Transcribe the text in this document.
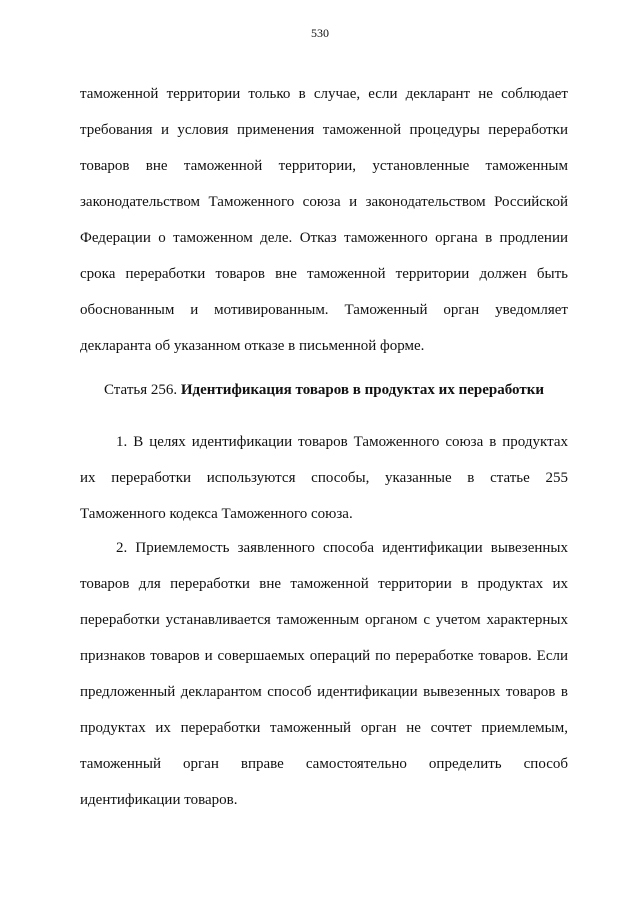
530
таможенной территории только в случае, если декларант не соблюдает
требования и условия применения таможенной процедуры переработки
товаров вне таможенной территории, установленные таможенным
законодательством Таможенного союза и законодательством Российской
Федерации о таможенном деле. Отказ таможенного органа в продлении
срока переработки товаров вне таможенной территории должен быть
обоснованным и мотивированным. Таможенный орган уведомляет
декларанта об указанном отказе в письменной форме.
Статья 256. Идентификация товаров в продуктах их переработки
1. В целях идентификации товаров Таможенного союза в продуктах
их переработки используются способы, указанные в статье 255
Таможенного кодекса Таможенного союза.
2. Приемлемость заявленного способа идентификации вывезенных
товаров для переработки вне таможенной территории в продуктах их
переработки устанавливается таможенным органом с учетом характерных
признаков товаров и совершаемых операций по переработке товаров. Если
предложенный декларантом способ идентификации вывезенных товаров в
продуктах их переработки таможенный орган не сочтет приемлемым,
таможенный орган вправе самостоятельно определить способ
идентификации товаров.
